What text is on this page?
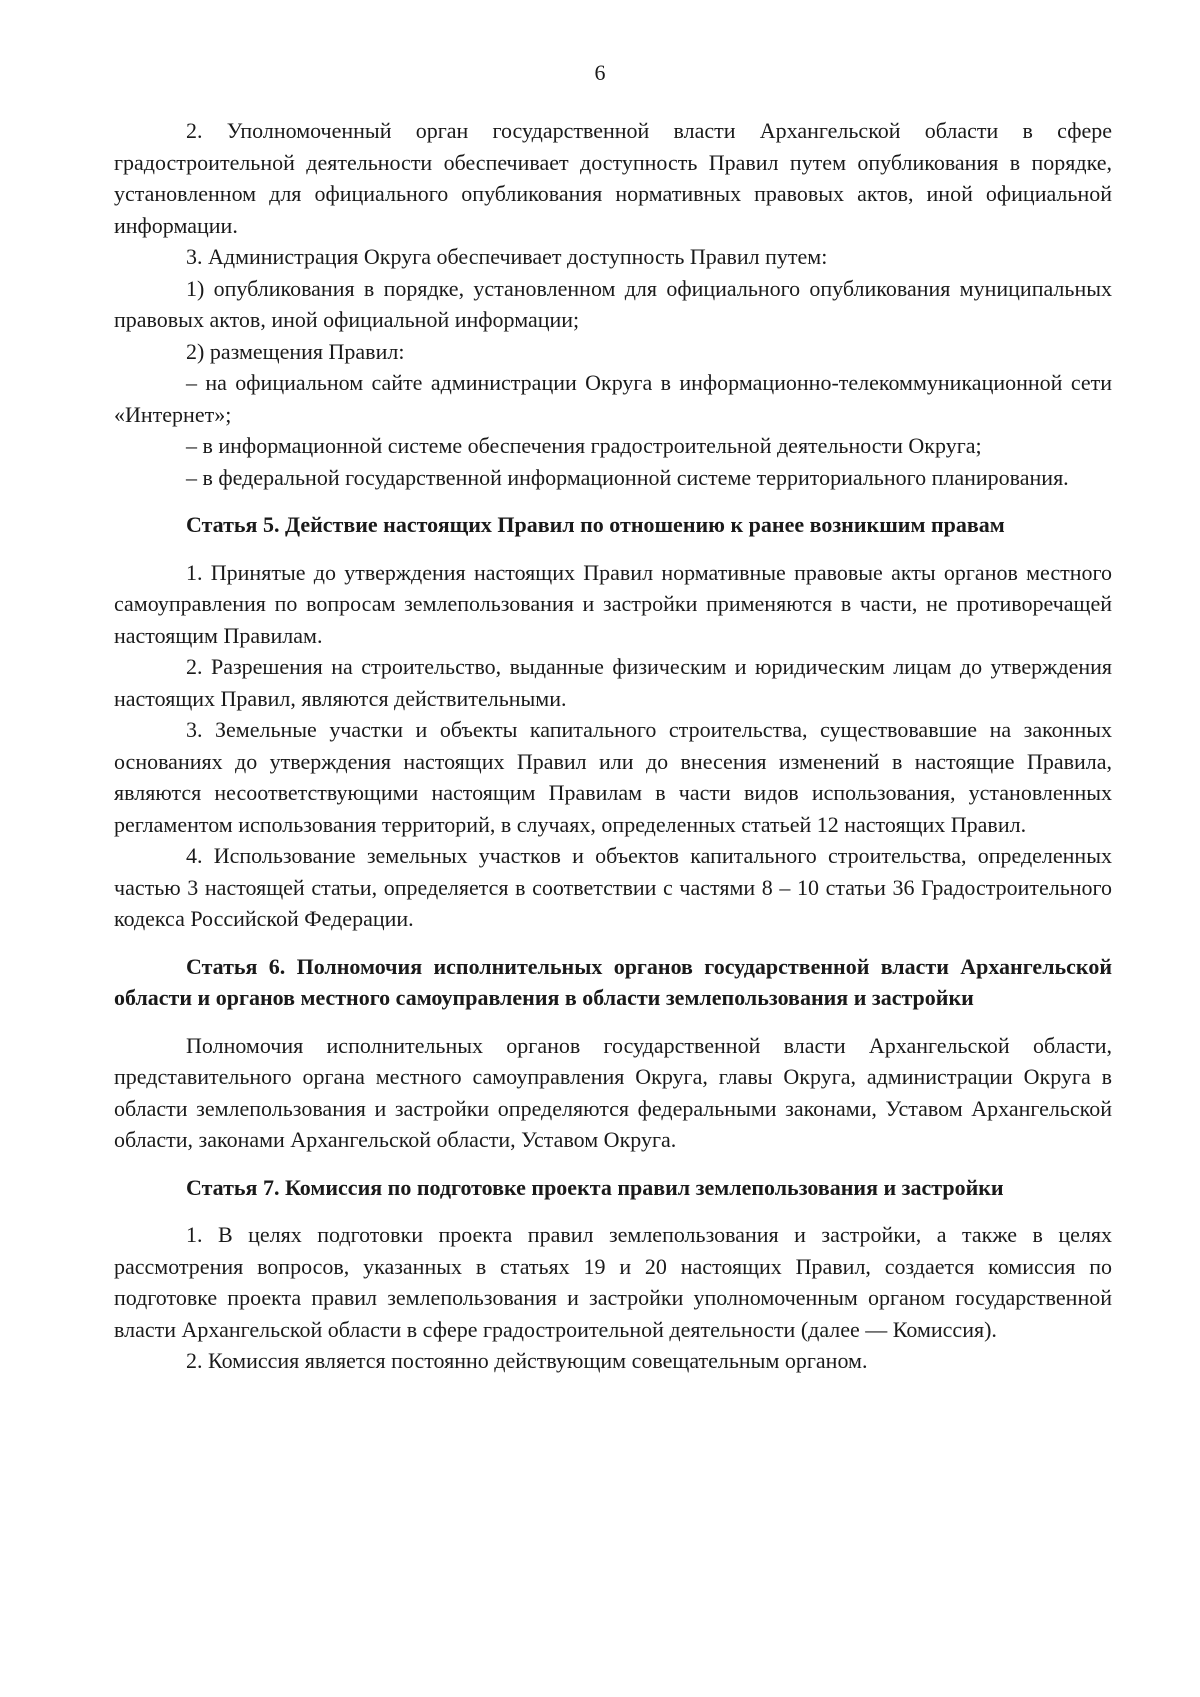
6

2. Уполномоченный орган государственной власти Архангельской области в сфере градостроительной деятельности обеспечивает доступность Правил путем опубликования в порядке, установленном для официального опубликования нормативных правовых актов, иной официальной информации.

3. Администрация Округа обеспечивает доступность Правил путем:

1) опубликования в порядке, установленном для официального опубликования муниципальных правовых актов, иной официальной информации;

2) размещения Правил:

– на официальном сайте администрации Округа в информационно-телекоммуникационной сети «Интернет»;

– в информационной системе обеспечения градостроительной деятельности Округа;

– в федеральной государственной информационной системе территориального планирования.

Статья 5. Действие настоящих Правил по отношению к ранее возникшим правам

1. Принятые до утверждения настоящих Правил нормативные правовые акты органов местного самоуправления по вопросам землепользования и застройки применяются в части, не противоречащей настоящим Правилам.

2. Разрешения на строительство, выданные физическим и юридическим лицам до утверждения настоящих Правил, являются действительными.

3. Земельные участки и объекты капитального строительства, существовавшие на законных основаниях до утверждения настоящих Правил или до внесения изменений в настоящие Правила, являются несоответствующими настоящим Правилам в части видов использования, установленных регламентом использования территорий, в случаях, определенных статьей 12 настоящих Правил.

4. Использование земельных участков и объектов капитального строительства, определенных частью 3 настоящей статьи, определяется в соответствии с частями 8 – 10 статьи 36 Градостроительного кодекса Российской Федерации.

Статья 6. Полномочия исполнительных органов государственной власти Архангельской области и органов местного самоуправления в области землепользования и застройки

Полномочия исполнительных органов государственной власти Архангельской области, представительного органа местного самоуправления Округа, главы Округа, администрации Округа в области землепользования и застройки определяются федеральными законами, Уставом Архангельской области, законами Архангельской области, Уставом Округа.

Статья 7. Комиссия по подготовке проекта правил землепользования и застройки

1. В целях подготовки проекта правил землепользования и застройки, а также в целях рассмотрения вопросов, указанных в статьях 19 и 20 настоящих Правил, создается комиссия по подготовке проекта правил землепользования и застройки уполномоченным органом государственной власти Архангельской области в сфере градостроительной деятельности (далее — Комиссия).

2. Комиссия является постоянно действующим совещательным органом.
